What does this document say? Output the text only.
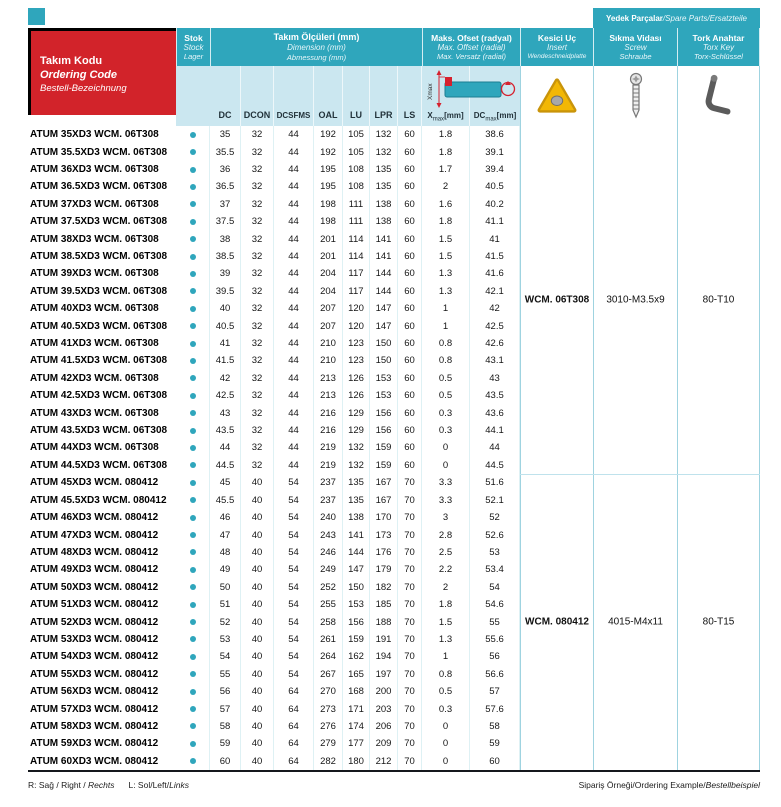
Takım Kodu
Ordering Code
Bestell-Bezeichnung
Stok
Stock
Lager
Takım Ölçüleri (mm)
Dimension (mm)
Abmessung (mm)
Maks. Ofset (radyal)
Max. Offset (radial)
Max. Versatz (radial)
Kesici Uç
Insert
Wendeschneidplatte
Yedek Parçalar / Spare Parts / Ersatzteile
Sıkma Vidası
Screw
Schraube
Tork Anahtar
Torx Key
Torx-Schlüssel
DC	DCON DCSFMS OAL	LU	LPR	LS	$X_{max}[mm]$ $DC_{max}[mm]$
Xmax
ATUM 35XD3 WCM. 06T308	35	32	44	192	105	132	60	1.8	38.6
ATUM 35.5XD3 WCM. 06T308	35.5	32	44	192	105	132	60	1.8	39.1
ATUM 36XD3 WCM. 06T308	36	32	44	195	108	135	60	1.7	39.4
ATUM 36.5XD3 WCM. 06T308	36.5	32	44	195	108	135	60	2	40.5
ATUM 37XD3 WCM. 06T308	37	32	44	198	111	138	60	1.6	40.2
ATUM 37.5XD3 WCM. 06T308	37.5	32	44	198	111	138	60	1.8	41.1
ATUM 38XD3 WCM. 06T308	38	32	44	201	114	141	60	1.5	41
ATUM 38.5XD3 WCM. 06T308	38.5	32	44	201	114	141	60	1.5	41.5
ATUM 39XD3 WCM. 06T308	39	32	44	204	117	144	60	1.3	41.6
ATUM 39.5XD3 WCM. 06T308	39.5	32	44	204	117	144	60	1.3	42.1
ATUM 40XD3 WCM. 06T308	40	32	44	207	120	147	60	1	42
ATUM 40.5XD3 WCM. 06T308	40.5	32	44	207	120	147	60	1	42.5
ATUM 41XD3 WCM. 06T308	41	32	44	210	123	150	60	0.8	42.6
ATUM 41.5XD3 WCM. 06T308	41.5	32	44	210	123	150	60	0.8	43.1
ATUM 42XD3 WCM. 06T308	42	32	44	213	126	153	60	0.5	43
ATUM 42.5XD3 WCM. 06T308	42.5	32	44	213	126	153	60	0.5	43.5
ATUM 43XD3 WCM. 06T308	43	32	44	216	129	156	60	0.3	43.6
ATUM 43.5XD3 WCM. 06T308	43.5	32	44	216	129	156	60	0.3	44.1
ATUM 44XD3 WCM. 06T308	44	32	44	219	132	159	60	0	44
ATUM 44.5XD3 WCM. 06T308	44.5	32	44	219	132	159	60	0	44.5
ATUM 45XD3 WCM. 080412	45	40	54	237	135	167	70	3.3	51.6
ATUM 45.5XD3 WCM. 080412	45.5	40	54	237	135	167	70	3.3	52.1
ATUM 46XD3 WCM. 080412	46	40	54	240	138	170	70	3	52
ATUM 47XD3 WCM. 080412	47	40	54	243	141	173	70	2.8	52.6
ATUM 48XD3 WCM. 080412	48	40	54	246	144	176	70	2.5	53
ATUM 49XD3 WCM. 080412	49	40	54	249	147	179	70	2.2	53.4
ATUM 50XD3 WCM. 080412	50	40	54	252	150	182	70	2	54
ATUM 51XD3 WCM. 080412	51	40	54	255	153	185	70	1.8	54.6
ATUM 52XD3 WCM. 080412	52	40	54	258	156	188	70	1.5	55
ATUM 53XD3 WCM. 080412	53	40	54	261	159	191	70	1.3	55.6
ATUM 54XD3 WCM. 080412	54	40	54	264	162	194	70	1	56
ATUM 55XD3 WCM. 080412	55	40	54	267	165	197	70	0.8	56.6
ATUM 56XD3 WCM. 080412	56	40	64	270	168	200	70	0.5	57
ATUM 57XD3 WCM. 080412	57	40	64	273	171	203	70	0.3	57.6
ATUM 58XD3 WCM. 080412	58	40	64	276	174	206	70	0	58
ATUM 59XD3 WCM. 080412	59	40	64	279	177	209	70	0	59
ATUM 60XD3 WCM. 080412	60	40	64	282	180	212	70	0	60
WCM. 06T308
WCM. 080412
3010-M3.5x9
4015-M4x11
80-T10
80-T15
R: Sağ / Right / Rechts L: Sol/Left/Links	Sipariş Örneği/Ordering Example/Bestellbeispiel
